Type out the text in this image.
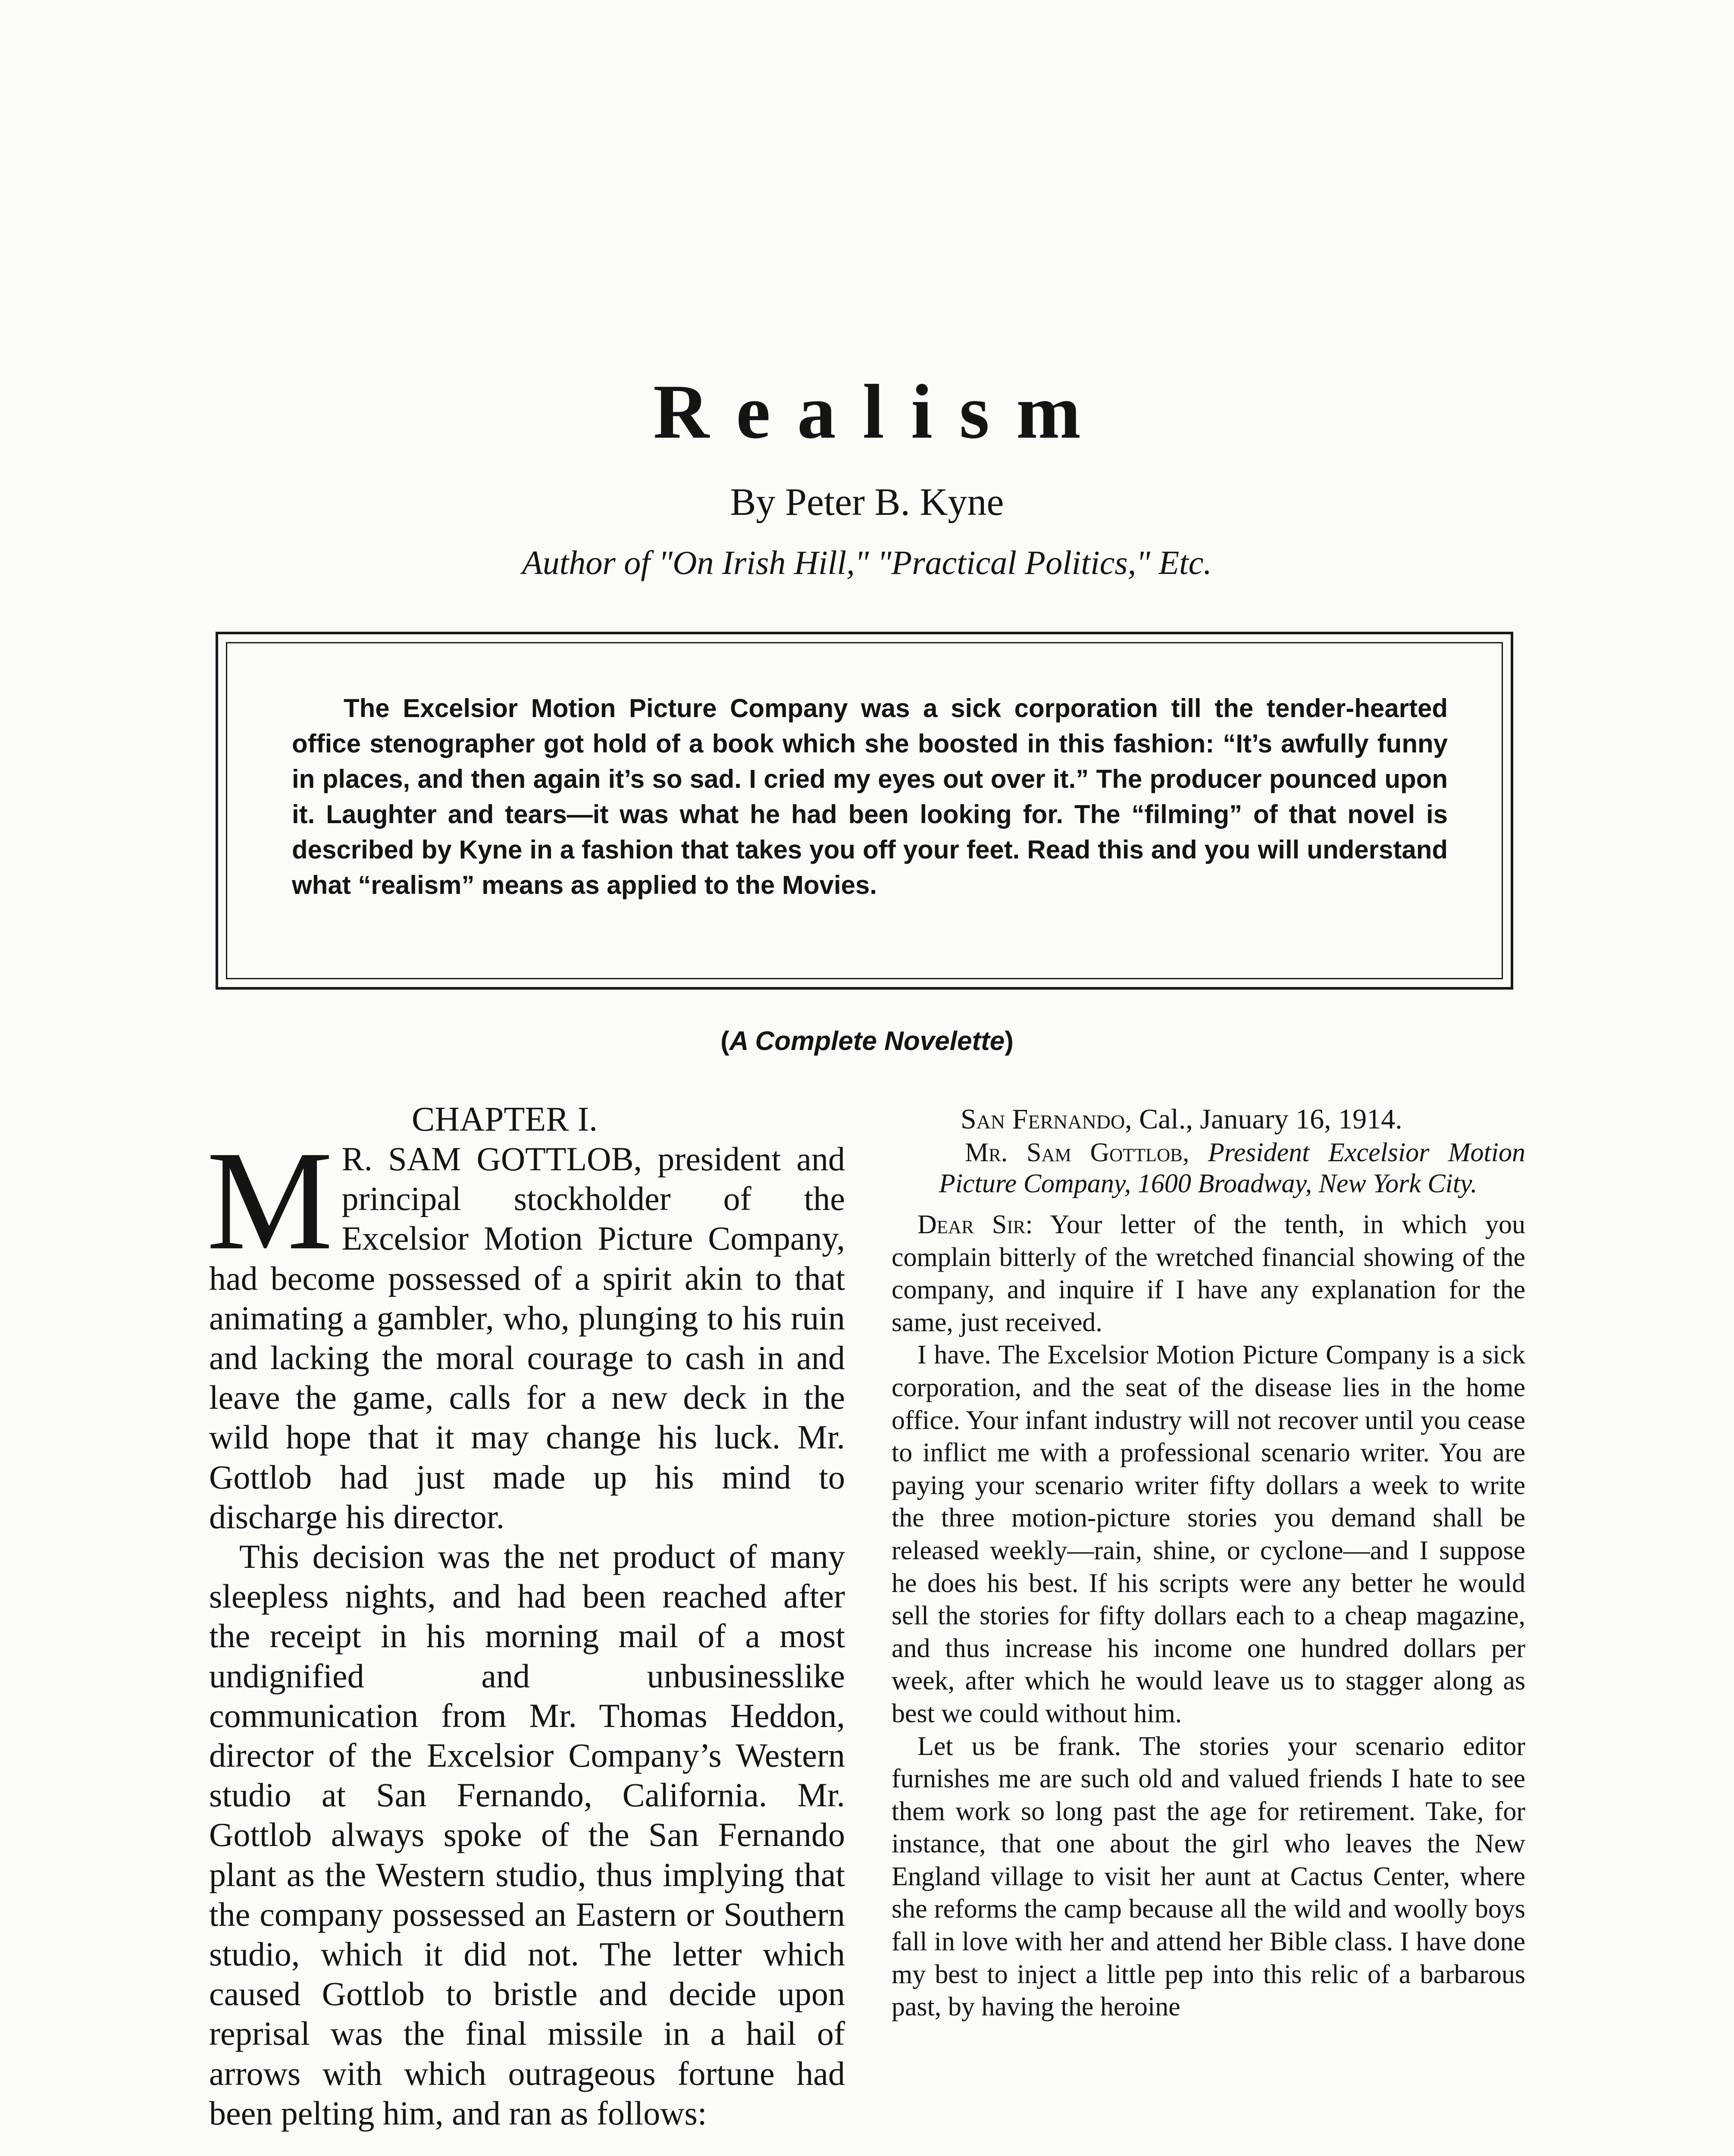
Realism
By Peter B. Kyne
Author of "On Irish Hill," "Practical Politics," Etc.

The Excelsior Motion Picture Company was a sick corporation till the tender-hearted office stenographer got hold of a book which she boosted in this fashion: “It’s awfully funny in places, and then again it’s so sad. I cried my eyes out over it.” The producer pounced upon it. Laughter and tears—it was what he had been looking for. The “filming” of that novel is described by Kyne in a fashion that takes you off your feet. Read this and you will understand what “realism” means as applied to the Movies.

(A Complete Novelette)
CHAPTER I.

MR. SAM GOTTLOB, president and principal stockholder of the Excelsior Motion Picture Company, had become possessed of a spirit akin to that animating a gambler, who, plunging to his ruin and lacking the moral courage to cash in and leave the game, calls for a new deck in the wild hope that it may change his luck. Mr. Gottlob had just made up his mind to discharge his director.

This decision was the net product of many sleepless nights, and had been reached after the receipt in his morning mail of a most undignified and unbusinesslike communication from Mr. Thomas Heddon, director of the Excelsior Company’s Western studio at San Fernando, California. Mr. Gottlob always spoke of the San Fernando plant as the Western studio, thus implying that the company possessed an Eastern or Southern studio, which it did not. The letter which caused Gottlob to bristle and decide upon reprisal was the final missile in a hail of arrows with which outrageous fortune had been pelting him, and ran as follows:

San Fernando, Cal., January 16, 1914.

Mr. Sam Gottlob, President Excelsior Motion Picture Company, 1600 Broadway, New York City.

Dear Sir: Your letter of the tenth, in which you complain bitterly of the wretched financial showing of the company, and inquire if I have any explanation for the same, just received.

I have. The Excelsior Motion Picture Company is a sick corporation, and the seat of the disease lies in the home office. Your infant industry will not recover until you cease to inflict me with a professional scenario writer. You are paying your scenario writer fifty dollars a week to write the three motion-picture stories you demand shall be released weekly—rain, shine, or cyclone—and I suppose he does his best. If his scripts were any better he would sell the stories for fifty dollars each to a cheap magazine, and thus increase his income one hundred dollars per week, after which he would leave us to stagger along as best we could without him.

Let us be frank. The stories your scenario editor furnishes me are such old and valued friends I hate to see them work so long past the age for retirement. Take, for instance, that one about the girl who leaves the New England village to visit her aunt at Cactus Center, where she reforms the camp because all the wild and woolly boys fall in love with her and attend her Bible class. I have done my best to inject a little pep into this relic of a barbarous past, by having the heroine
